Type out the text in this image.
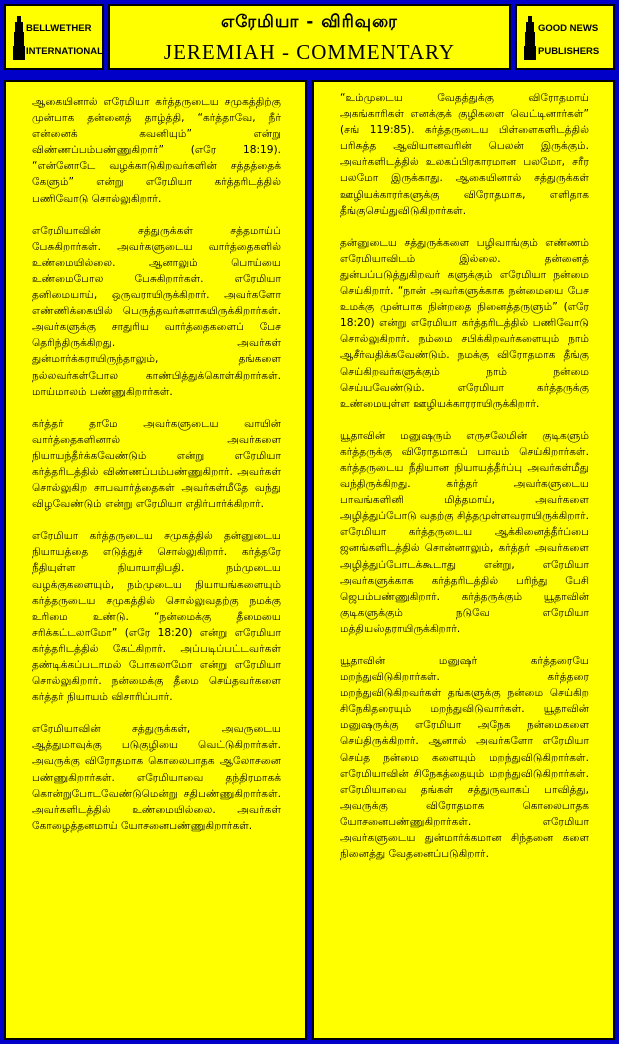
BELLWETHER
INTERNATIONAL
எரேமியா - விரிவுரை
JEREMIAH - COMMENTARY
GOOD NEWS
PUBLISHERS

ஆகையினால் எரேமியா கர்த்தருடைய சமுகத்திற்கு முன்பாக தன்னைத் தாழ்த்தி, “கர்த்தாவே, நீர் என்னைக் கவனியும்” என்று விண்ணப்பம்பண்ணுகிறார்” (எரே 18:19). “என்னோடே வழக்காடுகிறவர்களின் சத்தத்தைக் கேளும்” என்று எரேமியா கர்த்தரிடத்தில் பணிவோடு சொல்லுகிறார்.

எரேமியாவின் சத்துருக்கள் சத்தமாய்ப் பேசுகிறார்கள். அவர்களுடைய வார்த்தைகளில் உண்மையில்லை. ஆனாலும் பொய்யை உண்மைபோல பேசுகிறார்கள். எரேமியா தனிமையாய், ஒருவராயிருக்கிறார். அவர்களோ எண்ணிக்கையில் பெருத்தவர்களாகயிருக்கிறார்கள். அவர்களுக்கு சாதுரிய வார்த்தைகளைப் பேச தெரிந்திருக்கிறது. அவர்கள் துன்மார்க்கராயிருந்தாலும், தங்களை நல்லவர்கள்போல காண்பித்துக்கொள்கிறார்கள். மாய்மாலம் பண்ணுகிறார்கள்.

கர்த்தர் தாமே அவர்களுடைய வாயின் வார்த்தைகளினால் அவர்களை நியாயந்தீர்க்கவேண்டும் என்று எரேமியா கர்த்தரிடத்தில் விண்ணப்பம்பண்ணுகிறார். அவர்கள் சொல்லுகிற சாபவார்த்தைகள் அவர்கள்மீதே வந்து விழவேண்டும் என்று எரேமியா எதிர்பார்க்கிறார்.

எரேமியா கர்த்தருடைய சமுகத்தில் தன்னுடைய நியாயத்தை எடுத்துச் சொல்லுகிறார். கர்த்தரே நீதியுள்ள நியாயாதிபதி. நம்முடைய வழக்குகளையும், நம்முடைய நியாயங்களையும் கர்த்தருடைய சமுகத்தில் சொல்லுவதற்கு நமக்கு உரிமை உண்டு. “நன்மைக்கு தீமையை சரிக்கட்டலாமோ” (எரே 18:20) என்று எரேமியா கர்த்தரிடத்தில் கேட்கிறார். அப்படிப்பட்டவர்கள் தண்டிக்கப்படாமல் போகலாமோ என்று எரேமியா சொல்லுகிறார். நன்மைக்கு தீமை செய்தவர்களை கர்த்தர் நியாயம் விசாரிப்பார்.

எரேமியாவின் சத்துருக்கள், அவருடைய ஆத்துமாவுக்கு படுகுழியை வெட்டுகிறார்கள். அவருக்கு விரோதமாக கொலைபாதக ஆலோசனை பண்ணுகிறார்கள். எரேமியாவை தந்திரமாகக் கொன்றுபோடவேண்டுமென்று சதிபண்ணுகிறார்கள். அவர்களிடத்தில் உண்மையில்லை. அவர்கள் கோழைத்தனமாய் யோசனைபண்ணுகிறார்கள்.

“உம்முடைய வேதத்துக்கு விரோதமாய் அகங்காரிகள் எனக்குக் குழிகளை வெட்டினார்கள்” (சங் 119:85). கர்த்தருடைய பிள்ளைகளிடத்தில் பரிசுத்த ஆவியானவரின் பெலன் இருக்கும். அவர்களிடத்தில் உலகப்பிரகாரமான பலமோ, சரீர பலமோ இருக்காது. ஆகையினால் சத்துருக்கள் ஊழியக்காரர்களுக்கு விரோதமாக, எளிதாக தீங்குசெய்துவிடுகிறார்கள்.

தன்னுடைய சத்துருக்களை பழிவாங்கும் எண்ணம் எரேமியாவிடம் இல்லை. தன்னைத் துன்பப்படுத்துகிறவர் களுக்கும் எரேமியா நன்மை செய்கிறார். “நான் அவர்களுக்காக நன்மையை பேச உமக்கு முன்பாக நின்றதை நினைத்தருளும்” (எரே 18:20) என்று எரேமியா கர்த்தரிடத்தில் பணிவோடு சொல்லுகிறார். நம்மை சபிக்கிறவர்களையும் நாம் ஆசீர்வதிக்கவேண்டும். நமக்கு விரோதமாக தீங்கு செய்கிறவர்களுக்கும் நாம் நன்மை செய்யவேண்டும். எரேமியா கர்த்தருக்கு உண்மையுள்ள ஊழியக்காரராயிருக்கிறார்.

யூதாவின் மனுஷரும் எருசலேமின் குடிகளும் கர்த்தருக்கு விரோதமாகப் பாவம் செய்கிறார்கள். கர்த்தருடைய நீதியான நியாயத்தீர்ப்பு அவர்கள்மீது வந்திருக்கிறது. கர்த்தர் அவர்களுடைய பாவங்களினி மித்தமாய், அவர்களை அழித்துப்போடு வதற்கு சித்தமுள்ளவராயிருக்கிறார். எரேமியா கர்த்தருடைய ஆக்கினைத்தீர்ப்பை ஜனங்களிடத்தில் சொன்னாலும், கர்த்தர் அவர்களை அழித்துப்போடக்கூடாது என்று, எரேமியா அவர்களுக்காக கர்த்தரிடத்தில் பரிந்து பேசி ஜெபம்பண்ணுகிறார். கர்த்தருக்கும் யூதாவின் குடிகளுக்கும் நடுவே எரேமியா மத்தியஸ்தராயிருக்கிறார்.

யூதாவின் மனுஷர் கர்த்தரையே மறந்துவிடுகிறார்கள். கர்த்தரை மறந்துவிடுகிறவர்கள் தங்களுக்கு நன்மை செய்கிற சிநேகிதரையும் மறந்துவிடுவார்கள். யூதாவின் மனுஷருக்கு எரேமியா அநேக நன்மைகளை செய்திருக்கிறார். ஆனால் அவர்களோ எரேமியா செய்த நன்மை களையும் மறந்துவிடுகிறார்கள். எரேமியாவின் சிநேகத்தையும் மறந்துவிடுகிறார்கள். எரேமியாவை தங்கள் சத்துருவாகப் பாவித்து, அவருக்கு விரோதமாக கொலைபாதக யோசனைபண்ணுகிறார்கள். எரேமியா அவர்களுடைய துன்மார்க்கமான சிந்தனை களை நினைத்து வேதனைப்படுகிறார்.
